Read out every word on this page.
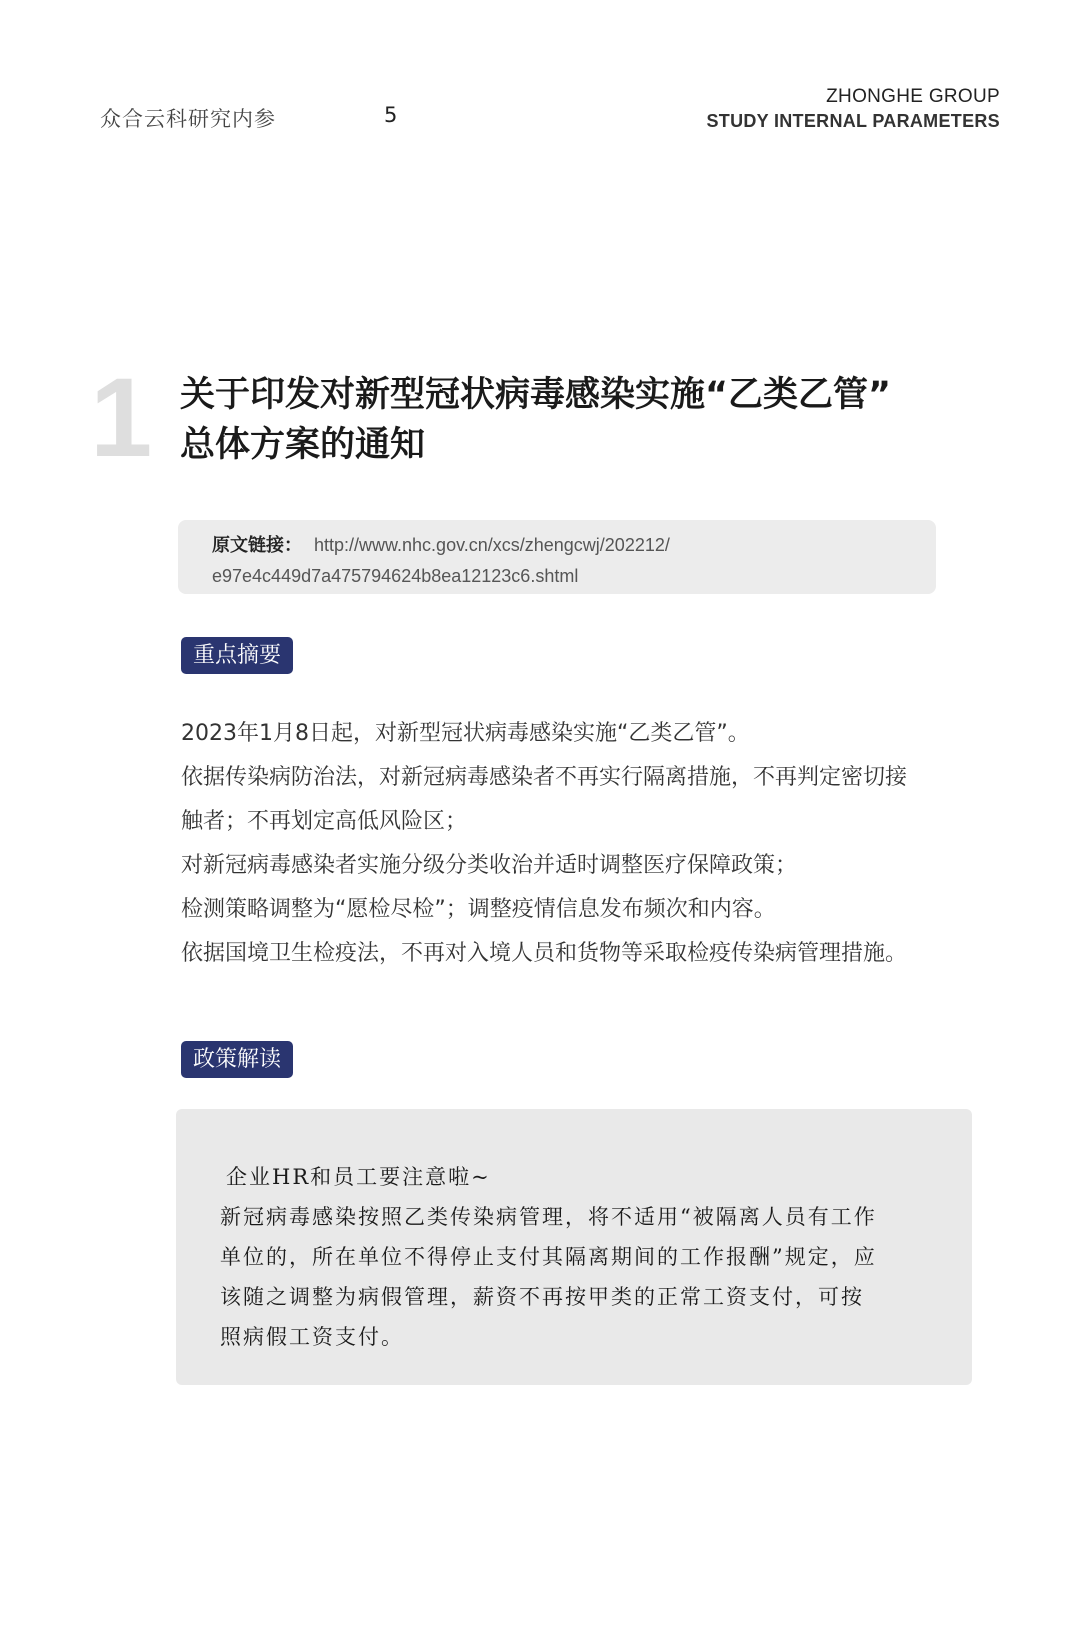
众合云科研究内参	5
ZHONGHE GROUP
STUDY INTERNAL PARAMETERS
1 关于印发对新型冠状病毒感染实施“乙类乙管”
总体方案的通知
原文链接： http://www.nhc.gov.cn/xcs/zhengcwj/202212/
e97e4c449d7a475794624b8ea12123c6.shtml
重点摘要

2023年1月8日起，对新型冠状病毒感染实施“乙类乙管”。

依据传染病防治法，对新冠病毒感染者不再实行隔离措施，不再判定密切接

触者；不再划定高低风险区；

对新冠病毒感染者实施分级分类收治并适时调整医疗保障政策；

检测策略调整为“愿检尽检”；调整疫情信息发布频次和内容。

依据国境卫生检疫法，不再对入境人员和货物等采取检疫传染病管理措施。

政策解读
企业HR和员工要注意啦~
新冠病毒感染按照乙类传染病管理，将不适用“被隔离人员有工作
单位的，所在单位不得停止支付其隔离期间的工作报酬”规定，应
该随之调整为病假管理，薪资不再按甲类的正常工资支付，可按
照病假工资支付。
